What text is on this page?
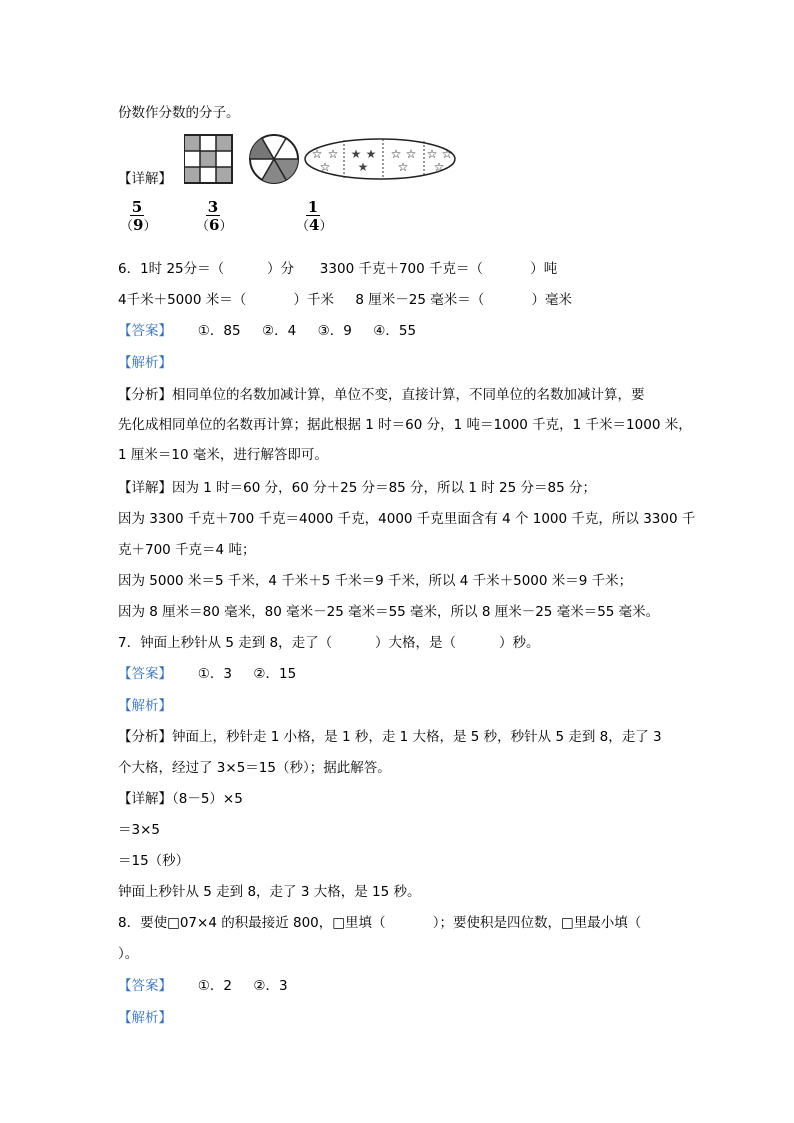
份数作分数的分子。
【详解】
☆ ☆
☆
★ ★
★
☆ ☆
☆
☆ ☆
☆
$\frac{5}{(9)}$	$\frac{3}{(6)}$	$\frac{1}{(4)}$
6．1时 25分＝（          ）分      3300 千克＋700 千克＝（           ）吨
4千米＋5000 米＝（           ）千米     8 厘米－25 毫米＝（           ）毫米
【答案】      ①．85     ②．4     ③．9     ④．55
【解析】
【分析】相同单位的名数加减计算，单位不变，直接计算，不同单位的名数加减计算，要
先化成相同单位的名数再计算；据此根据 1 时＝60 分，1 吨＝1000 千克，1 千米＝1000 米，
1 厘米＝10 毫米，进行解答即可。
【详解】因为 1 时＝60 分，60 分＋25 分＝85 分，所以 1 时 25 分＝85 分；
因为 3300 千克＋700 千克＝4000 千克，4000 千克里面含有 4 个 1000 千克，所以 3300 千
克＋700 千克＝4 吨；
因为 5000 米＝5 千米，4 千米＋5 千米＝9 千米，所以 4 千米＋5000 米＝9 千米；
因为 8 厘米＝80 毫米，80 毫米－25 毫米＝55 毫米，所以 8 厘米－25 毫米＝55 毫米。
7．钟面上秒针从 5 走到 8，走了（          ）大格，是（          ）秒。
【答案】      ①．3     ②．15
【解析】
【分析】钟面上，秒针走 1 小格，是 1 秒，走 1 大格，是 5 秒，秒针从 5 走到 8，走了 3
个大格，经过了 3×5＝15（秒）；据此解答。
【详解】（8－5）×5
＝3×5
＝15（秒）
钟面上秒针从 5 走到 8，走了 3 大格，是 15 秒。
8．要使□07×4 的积最接近 800，□里填（           ）；要使积是四位数，□里最小填（
）。
【答案】      ①．2     ②．3
【解析】
